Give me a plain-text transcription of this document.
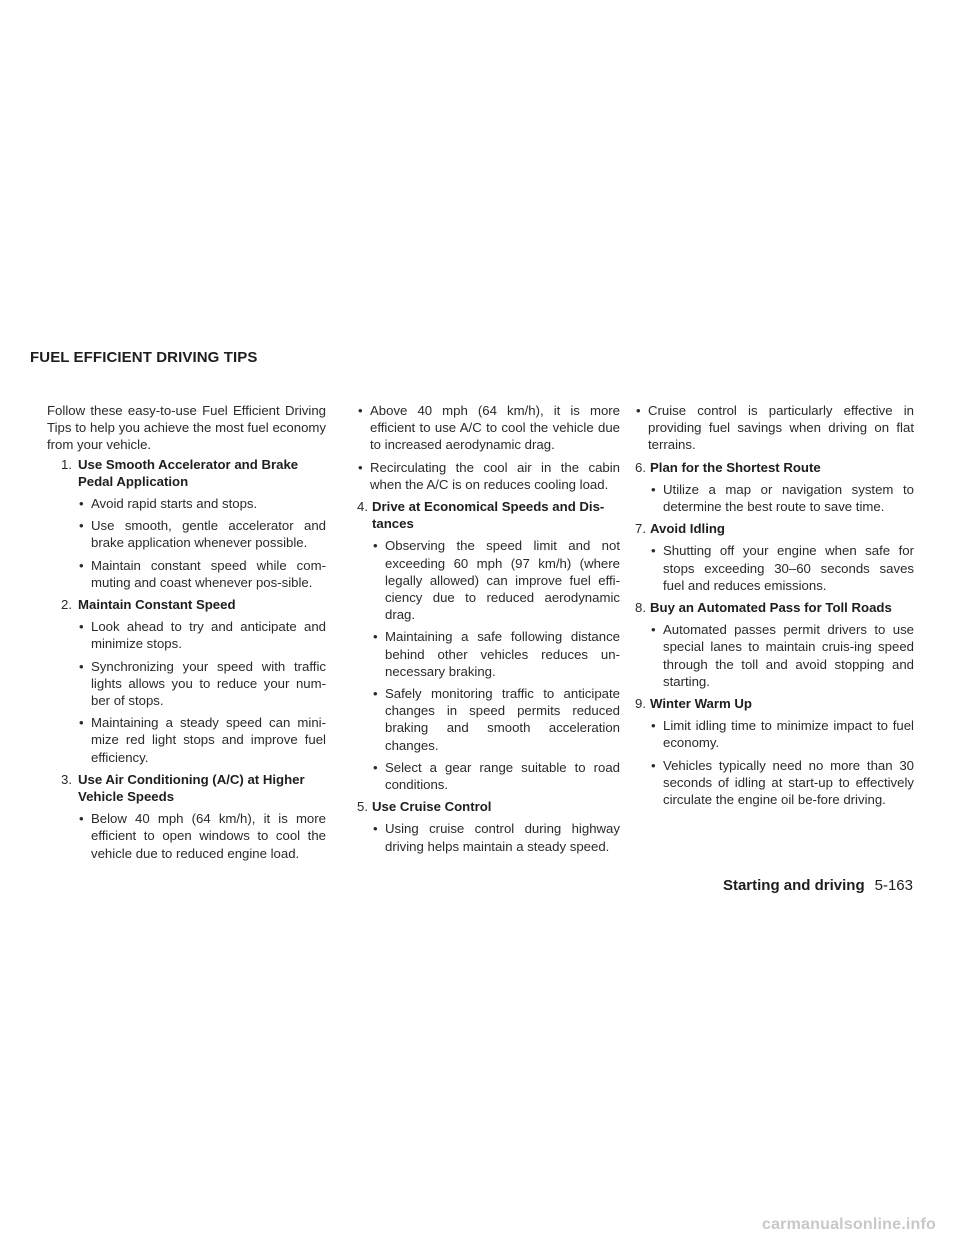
FUEL EFFICIENT DRIVING TIPS

Follow these easy-to-use Fuel Efficient Driving Tips to help you achieve the most fuel economy from your vehicle.

1. Use Smooth Accelerator and Brake Pedal Application
• Avoid rapid starts and stops.
• Use smooth, gentle accelerator and brake application whenever possible.
• Maintain constant speed while com-muting and coast whenever pos-sible.
2. Maintain Constant Speed
• Look ahead to try and anticipate and minimize stops.
• Synchronizing your speed with traffic lights allows you to reduce your num-ber of stops.
• Maintaining a steady speed can mini-mize red light stops and improve fuel efficiency.
3. Use Air Conditioning (A/C) at Higher Vehicle Speeds
• Below 40 mph (64 km/h), it is more efficient to open windows to cool the vehicle due to reduced engine load.
• Above 40 mph (64 km/h), it is more efficient to use A/C to cool the vehicle due to increased aerodynamic drag.
• Recirculating the cool air in the cabin when the A/C is on reduces cooling load.
4. Drive at Economical Speeds and Dis-tances
• Observing the speed limit and not exceeding 60 mph (97 km/h) (where legally allowed) can improve fuel effi-ciency due to reduced aerodynamic drag.
• Maintaining a safe following distance behind other vehicles reduces un-necessary braking.
• Safely monitoring traffic to anticipate changes in speed permits reduced braking and smooth acceleration changes.
• Select a gear range suitable to road conditions.
5. Use Cruise Control
• Using cruise control during highway driving helps maintain a steady speed.
• Cruise control is particularly effective in providing fuel savings when driving on flat terrains.
6. Plan for the Shortest Route
• Utilize a map or navigation system to determine the best route to save time.
7. Avoid Idling
• Shutting off your engine when safe for stops exceeding 30–60 seconds saves fuel and reduces emissions.
8. Buy an Automated Pass for Toll Roads
• Automated passes permit drivers to use special lanes to maintain cruis-ing speed through the toll and avoid stopping and starting.
9. Winter Warm Up
• Limit idling time to minimize impact to fuel economy.
• Vehicles typically need no more than 30 seconds of idling at start-up to effectively circulate the engine oil be-fore driving.
Starting and driving 5-163
carmanualsonline.info
